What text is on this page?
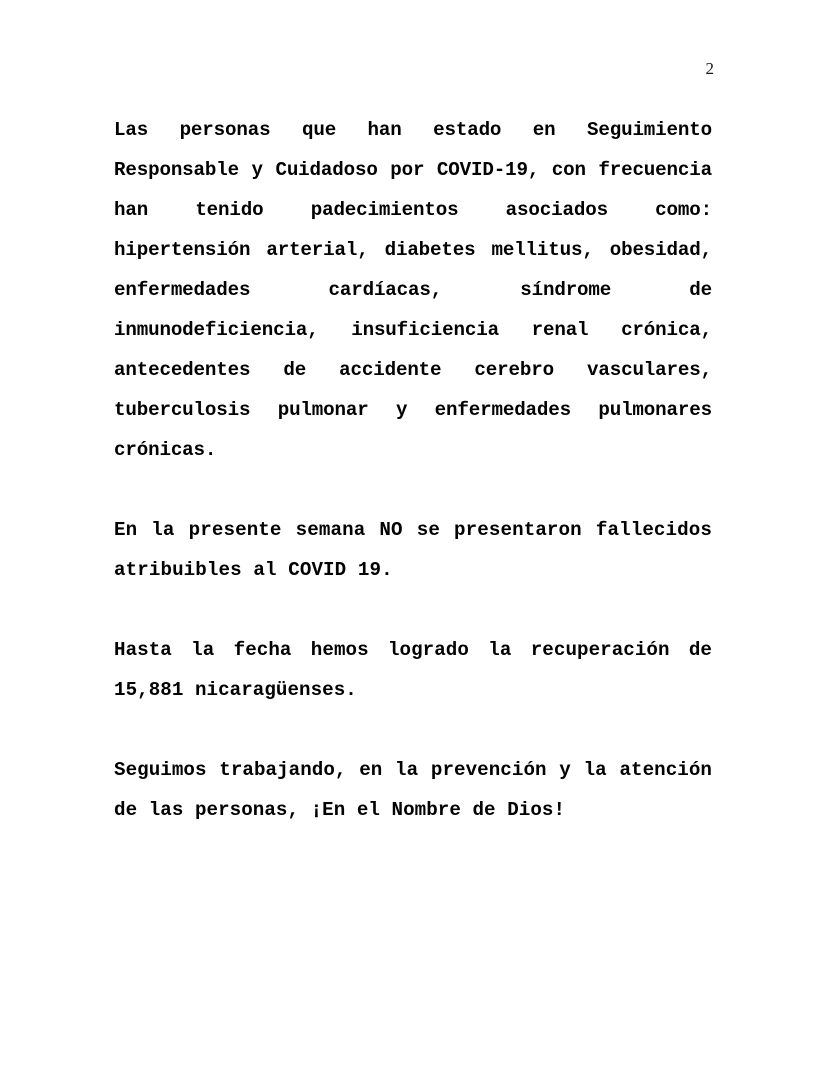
2

Las personas que han estado en Seguimiento Responsable y Cuidadoso por COVID-19, con frecuencia han tenido padecimientos asociados como: hipertensión arterial, diabetes mellitus, obesidad, enfermedades cardíacas, síndrome de inmunodeficiencia, insuficiencia renal crónica, antecedentes de accidente cerebro vasculares, tuberculosis pulmonar y enfermedades pulmonares crónicas.

En la presente semana NO se presentaron fallecidos atribuibles al COVID 19.

Hasta la fecha hemos logrado la recuperación de 15,881 nicaragüenses.

Seguimos trabajando, en la prevención y la atención de las personas, ¡En el Nombre de Dios!
